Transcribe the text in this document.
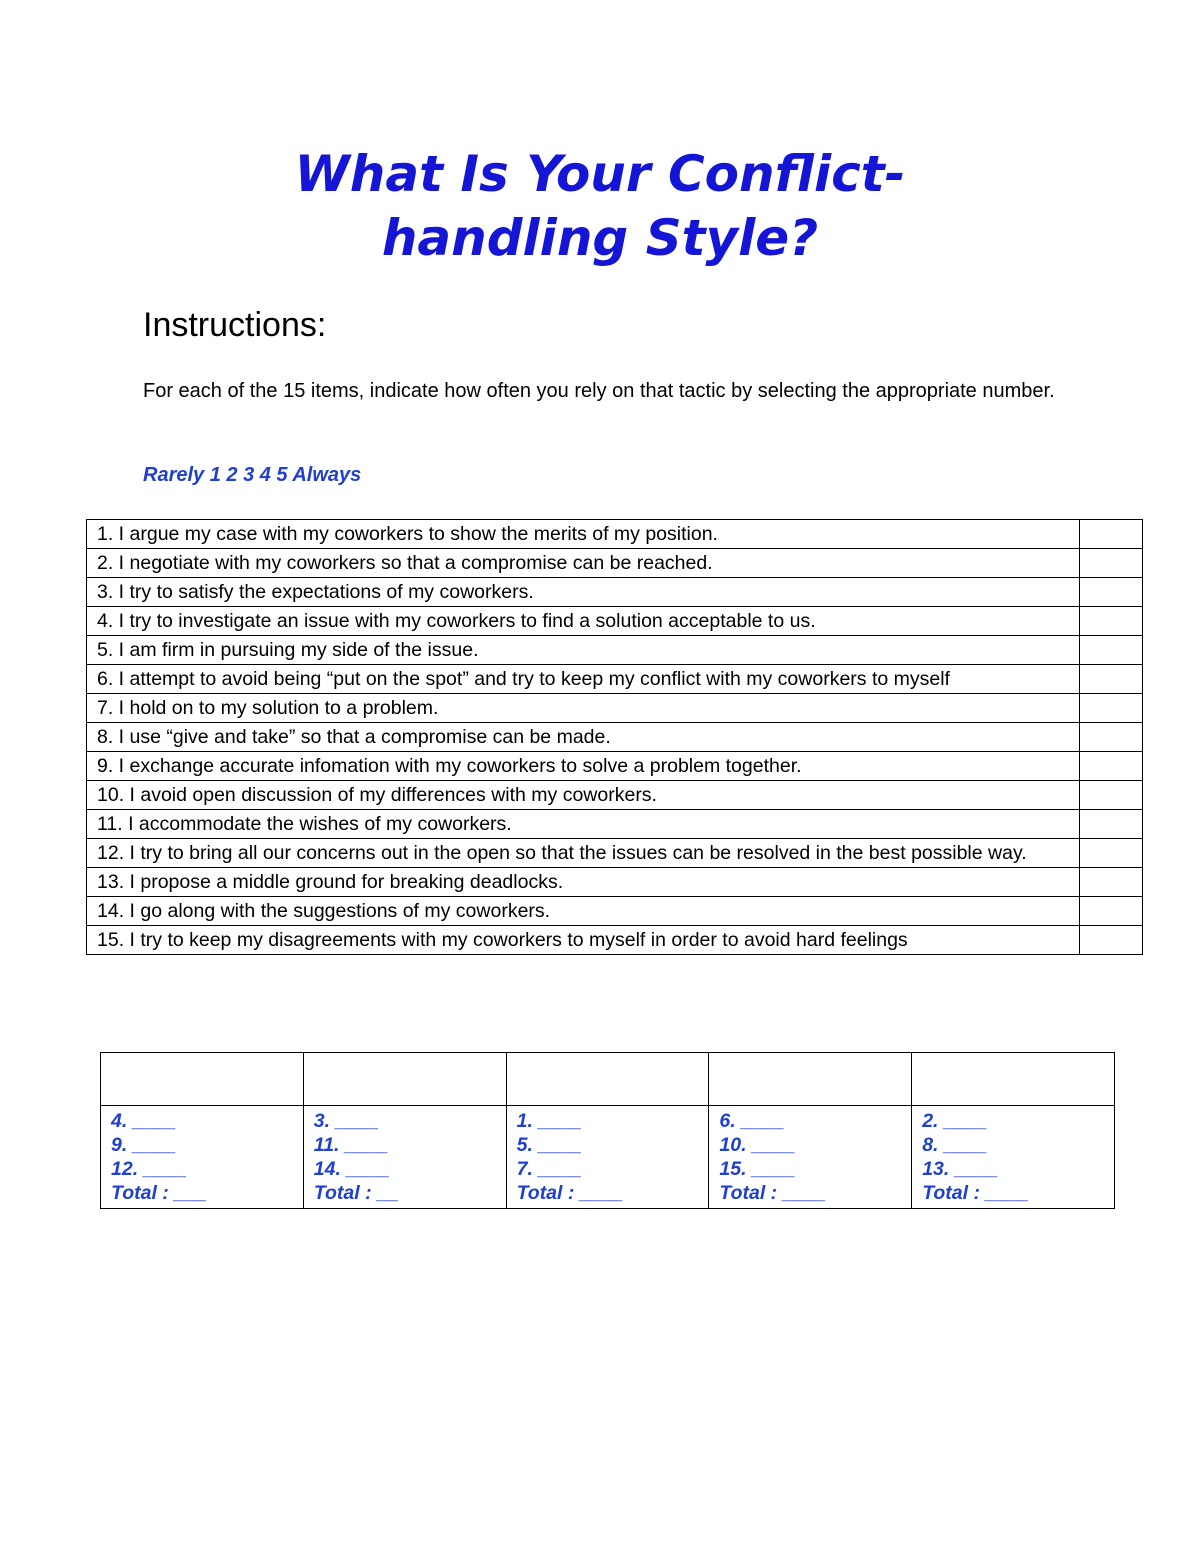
What Is Your Conflict-
handling Style?
Instructions:
For each of the 15 items, indicate how often you rely on that tactic by selecting the appropriate number.
Rarely 1 2 3 4 5 Always
1. I argue my case with my coworkers to show the merits of my position.	
2. I negotiate with my coworkers so that a compromise can be reached.	
3. I try to satisfy the expectations of my coworkers.	
4. I try to investigate an issue with my coworkers to find a solution acceptable to us.	
5. I am firm in pursuing my side of the issue.	
6. I attempt to avoid being “put on the spot” and try to keep my conflict with my coworkers to myself	
7. I hold on to my solution to a problem.	
8. I use “give and take” so that a compromise can be made.	
9. I exchange accurate infomation with my coworkers to solve a problem together.	
10. I avoid open discussion of my differences with my coworkers.	
11. I accommodate the wishes of my coworkers.	
12. I try to bring all our concerns out in the open so that the issues can be resolved in the best possible way.	
13. I propose a middle ground for breaking deadlocks.	
14. I go along with the suggestions of my coworkers.	
15. I try to keep my disagreements with my coworkers to myself in order to avoid hard feelings	

4. ____
9. ____
12. ____
Total : ___	3. ____
11. ____
14. ____
Total : __	1. ____
5. ____
7. ____
Total : ____	6. ____
10. ____
15. ____
Total : ____	2. ____
8. ____
13. ____
Total : ____
